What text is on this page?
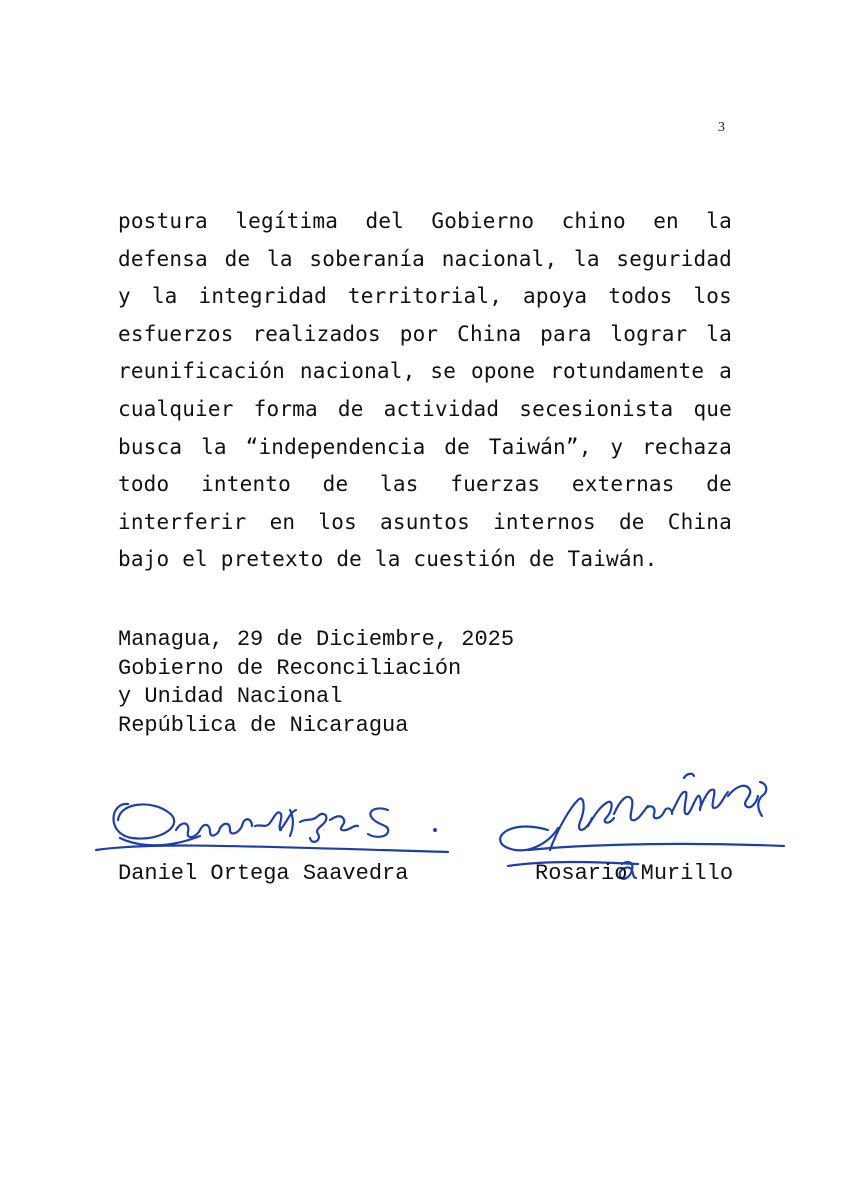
3

postura legítima del Gobierno chino en la defensa de la soberanía nacional, la seguridad y la integridad territorial, apoya todos los esfuerzos realizados por China para lograr la reunificación nacional, se opone rotundamente a cualquier forma de actividad secesionista que busca la “independencia de Taiwán”, y rechaza todo intento de las fuerzas externas de interferir en los asuntos internos de China bajo el pretexto de la cuestión de Taiwán.

Managua, 29 de Diciembre, 2025
Gobierno de Reconciliación
y Unidad Nacional
República de Nicaragua
Daniel Ortega Saavedra	Rosario Murillo
